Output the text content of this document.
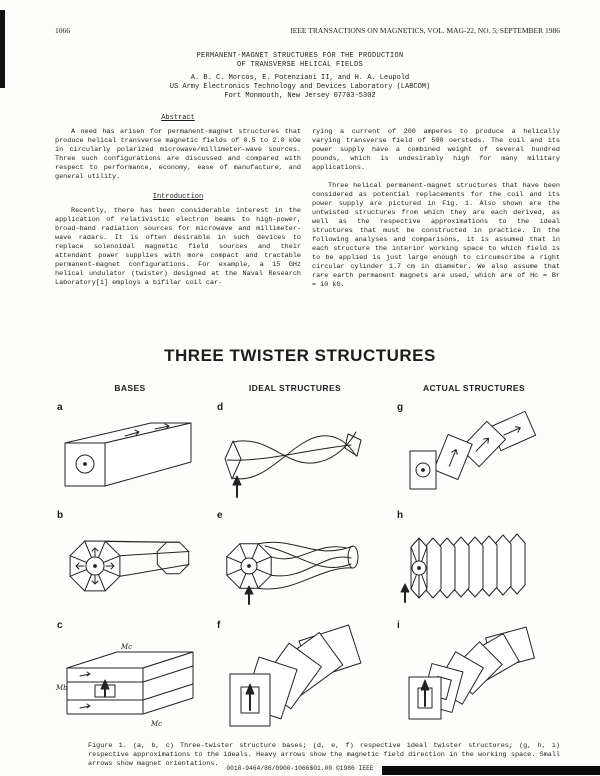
1066	IEEE TRANSACTIONS ON MAGNETICS, VOL. MAG-22, NO. 5, SEPTEMBER 1986
PERMANENT-MAGNET STRUCTURES FOR THE PRODUCTION
OF TRANSVERSE HELICAL FIELDS
A. B. C. Morcos, E. Potenziani II, and H. A. Leupold
US Army Electronics Technology and Devices Laboratory (LABCOM)
Fort Monmouth, New Jersey 07703-5302
Abstract

A need has arisen for permanent-magnet structures that produce helical transverse magnetic fields of 0.5 to 2.0 kOe in circularly polarized microwave/millimeter-wave sources. Three such configurations are discussed and compared with respect to performance, economy, ease of manufacture, and general utility.

Introduction

Recently, there has been considerable interest in the application of relativistic electron beams to high-power, broad-band radiation sources for microwave and millimeter-wave radars. It is often desirable in such devices to replace solenoidal magnetic field sources and their attendant power supplies with more compact and tractable permanent-magnet configurations. For example, a 15 GHz helical undulator (twister) designed at the Naval Research Laboratory[1] employs a bifilar coil car-

rying a current of 200 amperes to produce a helically varying transverse field of 500 oersteds. The coil and its power supply have a combined weight of several hundred pounds, which is undesirably high for many military applications.

Three helical permanent-magnet structures that have been considered as potential replacements for the coil and its power supply are pictured in Fig. 1. Also shown are the untwisted structures from which they are each derived, as well as the respective approximations to the ideal structures that must be constructed in practice. In the following analyses and comparisons, it is assumed that in each structure the interior working space to which field is to be applied is just large enough to circumscribe a right circular cylinder 1.7 cm in diameter. We also assume that rare earth permanent magnets are used, which are of Hc = Br = 10 kG.

THREE TWISTER STRUCTURES
BASES	IDEAL STRUCTURES	ACTUAL STRUCTURES
a	d	g
b	e	h
c
Mc
Mc
Mb
f	i

Figure 1. (a, b, c) Three-twister structure bases; (d, e, f) respective ideal twister structures; (g, h, i) respective approximations to the ideals. Heavy arrows show the magnetic field direction in the working space. Small arrows show magnet orientations.

0018-9464/86/0900-1066$01.00 ©1986 IEEE
